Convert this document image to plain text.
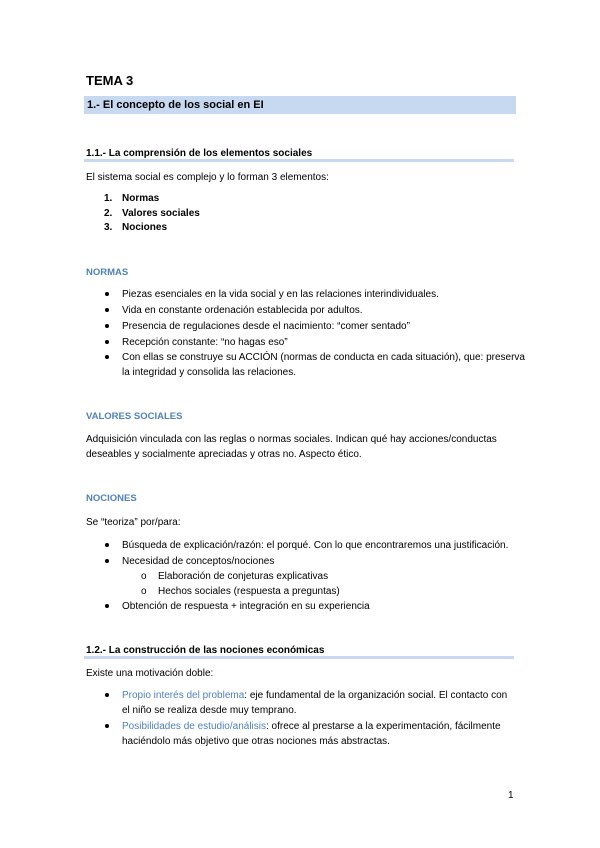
TEMA 3
1.- El concepto de los social en EI
1.1.- La comprensión de los elementos sociales
El sistema social es complejo y lo forman 3 elementos:
1. Normas
2. Valores sociales
3. Nociones
NORMAS
Piezas esenciales en la vida social y en las relaciones interindividuales.
Vida en constante ordenación establecida por adultos.
Presencia de regulaciones desde el nacimiento: “comer sentado”
Recepción constante: “no hagas eso”
Con ellas se construye su ACCIÓN (normas de conducta en cada situación), que: preserva
la integridad y consolida las relaciones.
VALORES SOCIALES
Adquisición vinculada con las reglas o normas sociales. Indican qué hay acciones/conductas
deseables y socialmente apreciadas y otras no. Aspecto ético.
NOCIONES
Se “teoriza” por/para:
Búsqueda de explicación/razón: el porqué. Con lo que encontraremos una justificación.
Necesidad de conceptos/nociones
o Elaboración de conjeturas explicativas
o Hechos sociales (respuesta a preguntas)
Obtención de respuesta + integración en su experiencia
1.2.- La construcción de las nociones económicas
Existe una motivación doble:
Propio interés del problema: eje fundamental de la organización social. El contacto con
el niño se realiza desde muy temprano.
Posibilidades de estudio/análisis: ofrece al prestarse a la experimentación, fácilmente
haciéndolo más objetivo que otras nociones más abstractas.
1
